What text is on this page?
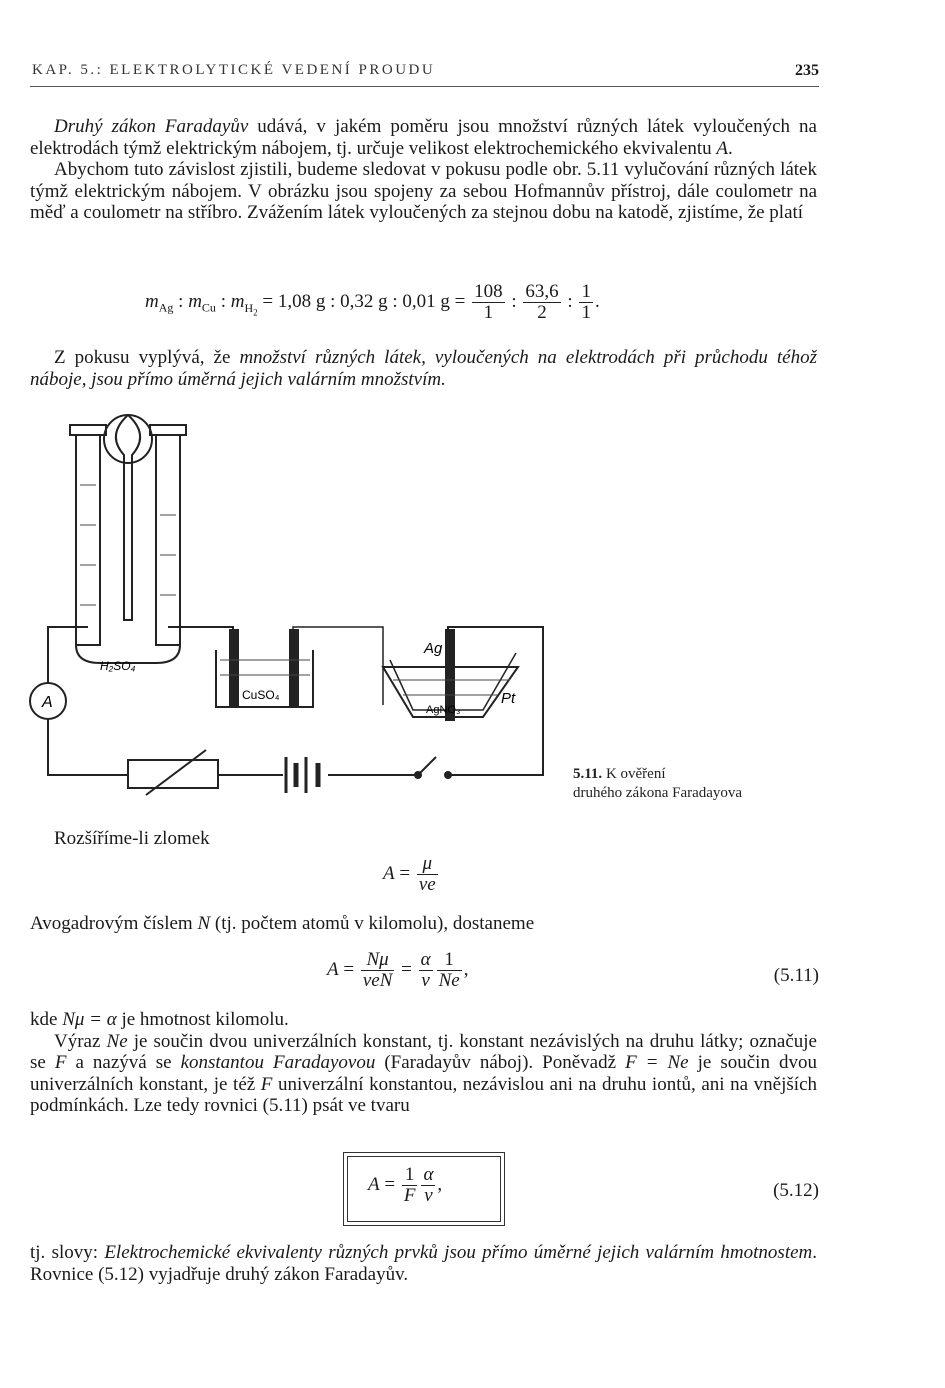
KAP. 5.: ELEKTROLYTICKÉ VEDENÍ PROUDU	235

Druhý zákon Faradayův udává, v jakém poměru jsou množství různých látek vyloučených na elektrodách týmž elektrickým nábojem, tj. určuje velikost elektrochemického ekvivalentu A.

Abychom tuto závislost zjistili, budeme sledovat v pokusu podle obr. 5.11 vylučování různých látek týmž elektrickým nábojem. V obrázku jsou spojeny za sebou Hofmannův přístroj, dále coulometr na měď a coulometr na stříbro. Zvážením látek vyloučených za stejnou dobu na katodě, zjistíme, že platí

$m_{Ag}$ : $m_{Cu}$ : $m_{H_2} = 1,08$ g : 0,32 g : 0,01 $g = \frac{108}{1}$ : $\frac{63,6}{2}$ : $\frac{1}{1}$ .

Z pokusu vyplývá, že množství různých látek, vyloučených na elektrodách při průchodu téhož náboje, jsou přímo úměrná jejich valárním množstvím.

H₂SO₄
A	CuSO₄
Ag
AgNO₃
Pt
5.11. K ověření
druhého zákona Faradayova

Rozšíříme-li zlomek

$A = \frac{\mu}{ve}$

Avogadrovým číslem N (tj. počtem atomů v kilomolu), dostaneme

$A = \frac{N\mu}{\text{veN}} = \frac{\alpha}{v} \frac{1}{Ne}$ ,	(5.11)

kde Nμ = α je hmotnost kilomolu.

Výraz Ne je součin dvou univerzálních konstant, tj. konstant nezávislých na druhu látky; označuje se F a nazývá se konstantou Faradayovou (Faradayův náboj). Poněvadž F = Ne je součin dvou univerzálních konstant, je též F univerzální konstantou, nezávislou ani na druhu iontů, ani na vnějších podmínkách. Lze tedy rovnici (5.11) psát ve tvaru

$A = \frac{1}{F} \frac{\alpha}{v}$ ,	(5.12)

tj. slovy: Elektrochemické ekvivalenty různých prvků jsou přímo úměrné jejich valárním hmotnostem. Rovnice (5.12) vyjadřuje druhý zákon Faradayův.
